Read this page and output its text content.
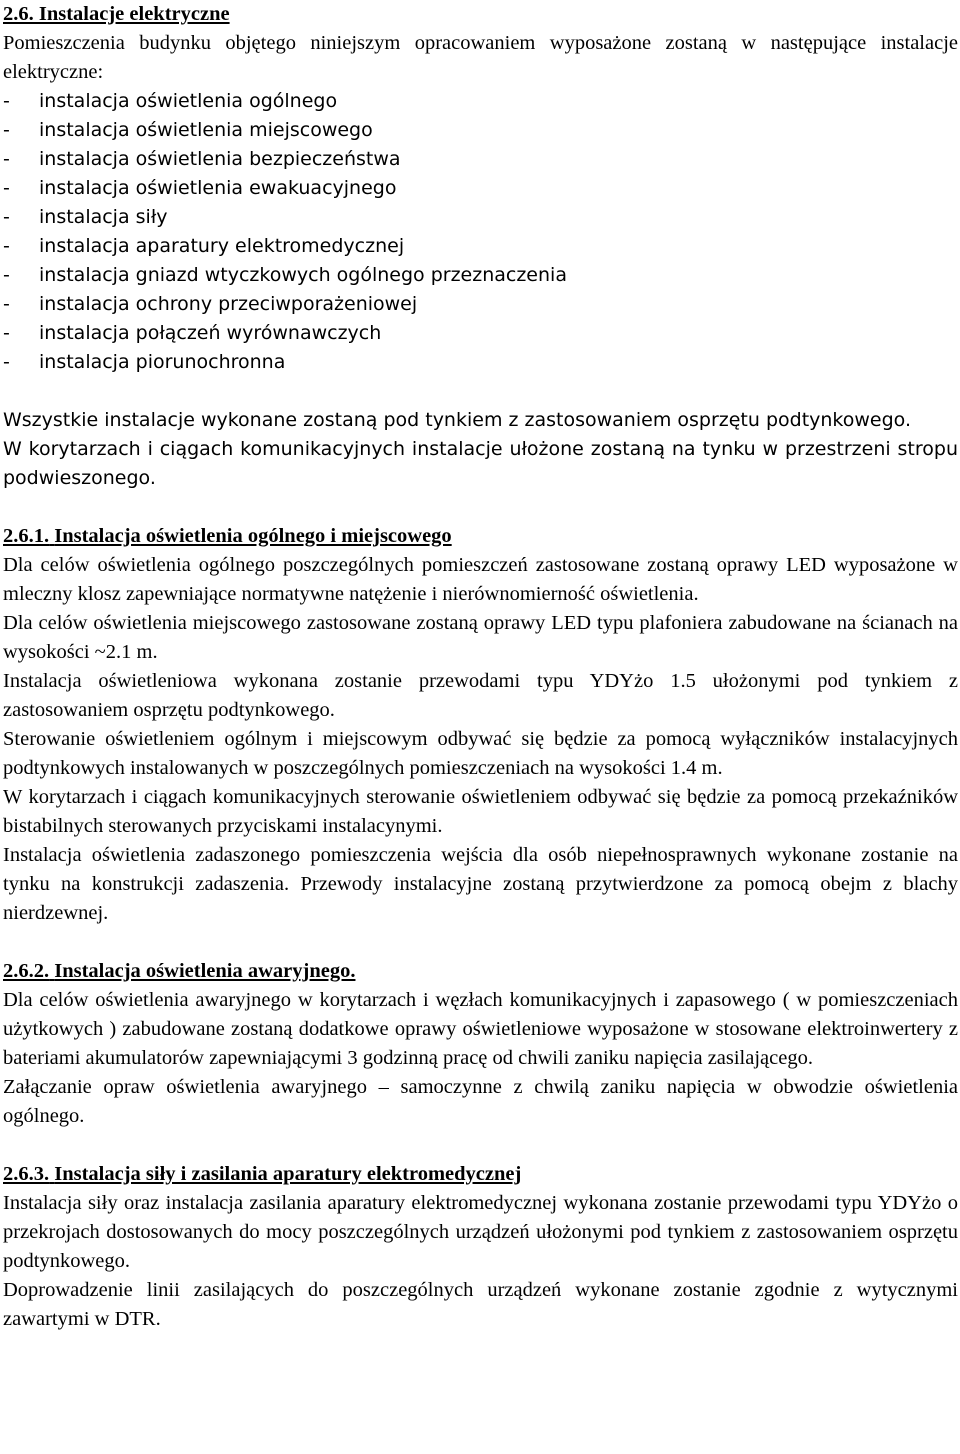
2.6. Instalacje elektryczne

Pomieszczenia budynku objętego niniejszym opracowaniem wyposażone zostaną w następujące instalacje elektryczne:

-	instalacja oświetlenia ogólnego
-	instalacja oświetlenia miejscowego
-	instalacja oświetlenia bezpieczeństwa
-	instalacja oświetlenia ewakuacyjnego
-	instalacja siły
-	instalacja aparatury elektromedycznej
-	instalacja gniazd wtyczkowych ogólnego przeznaczenia
-	instalacja ochrony przeciwporażeniowej
-	instalacja połączeń wyrównawczych
-	instalacja piorunochronna

Wszystkie instalacje wykonane zostaną pod tynkiem z zastosowaniem osprzętu podtynkowego.

W korytarzach i ciągach komunikacyjnych instalacje ułożone zostaną na tynku w przestrzeni stropu podwieszonego.

2.6.1. Instalacja oświetlenia ogólnego i miejscowego

Dla celów oświetlenia ogólnego poszczególnych pomieszczeń zastosowane zostaną oprawy LED wyposażone w mleczny klosz zapewniające normatywne natężenie i nierównomierność oświetlenia.

Dla celów oświetlenia miejscowego zastosowane zostaną oprawy LED typu plafoniera zabudowane na ścianach na wysokości ~2.1 m.

Instalacja oświetleniowa wykonana zostanie przewodami typu YDYżo 1.5 ułożonymi pod tynkiem z zastosowaniem osprzętu podtynkowego.

Sterowanie oświetleniem ogólnym i miejscowym odbywać się będzie za pomocą wyłączników instalacyjnych podtynkowych instalowanych w poszczególnych pomieszczeniach na wysokości 1.4 m.

W korytarzach i ciągach komunikacyjnych sterowanie oświetleniem odbywać się będzie za pomocą przekaźników bistabilnych sterowanych przyciskami instalacynymi.

Instalacja oświetlenia zadaszonego pomieszczenia wejścia dla osób niepełnosprawnych wykonane zostanie na tynku na konstrukcji zadaszenia. Przewody instalacyjne zostaną przytwierdzone za pomocą obejm z blachy nierdzewnej.

2.6.2. Instalacja oświetlenia awaryjnego.

Dla celów oświetlenia awaryjnego w korytarzach i węzłach komunikacyjnych i zapasowego ( w pomieszczeniach użytkowych ) zabudowane zostaną dodatkowe oprawy oświetleniowe wyposażone w stosowane elektroinwertery z bateriami akumulatorów zapewniającymi 3 godzinną pracę od chwili zaniku napięcia zasilającego.

Załączanie opraw oświetlenia awaryjnego – samoczynne z chwilą zaniku napięcia w obwodzie oświetlenia ogólnego.

2.6.3. Instalacja siły i zasilania aparatury elektromedycznej

Instalacja siły oraz instalacja zasilania aparatury elektromedycznej wykonana zostanie przewodami typu YDYżo o przekrojach dostosowanych do mocy poszczególnych urządzeń ułożonymi pod tynkiem z zastosowaniem osprzętu podtynkowego.

Doprowadzenie linii zasilających do poszczególnych urządzeń wykonane zostanie zgodnie z wytycznymi zawartymi w DTR.
